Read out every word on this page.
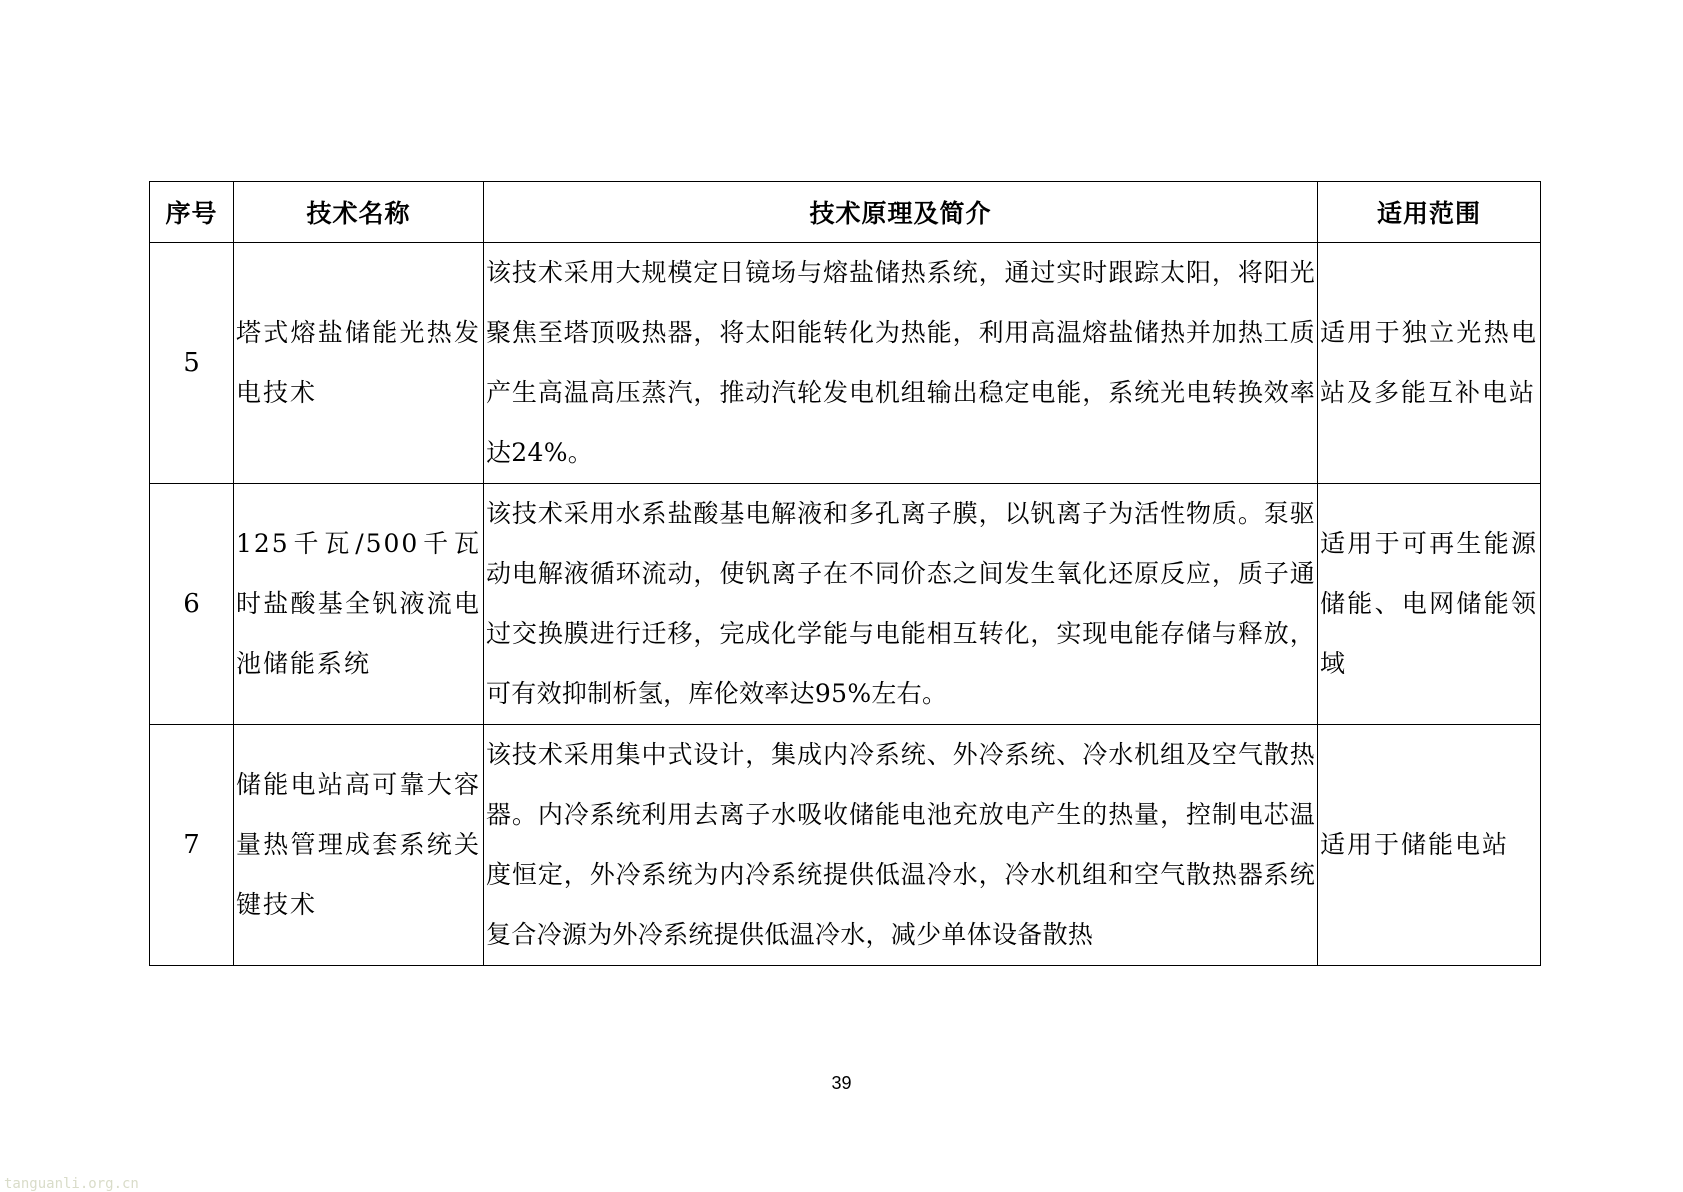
序号	技术名称	技术原理及简介	适用范围
5	塔式熔盐储能光热发电技术	该技术采用大规模定日镜场与熔盐储热系统，通过实时跟踪太阳，将阳光聚焦至塔顶吸热器，将太阳能转化为热能，利用高温熔盐储热并加热工质产生高温高压蒸汽，推动汽轮发电机组输出稳定电能，系统光电转换效率达24%。	适用于独立光热电站及多能互补电站
6	125千瓦/500千瓦时盐酸基全钒液流电池储能系统	该技术采用水系盐酸基电解液和多孔离子膜，以钒离子为活性物质。泵驱动电解液循环流动，使钒离子在不同价态之间发生氧化还原反应，质子通过交换膜进行迁移，完成化学能与电能相互转化，实现电能存储与释放，可有效抑制析氢，库伦效率达95%左右。	适用于可再生能源储能、电网储能领域
7	储能电站高可靠大容量热管理成套系统关键技术	该技术采用集中式设计，集成内冷系统、外冷系统、冷水机组及空气散热器。内冷系统利用去离子水吸收储能电池充放电产生的热量，控制电芯温度恒定，外冷系统为内冷系统提供低温冷水，冷水机组和空气散热器系统复合冷源为外冷系统提供低温冷水，减少单体设备散热	适用于储能电站
39
tanguanli.org.cn
